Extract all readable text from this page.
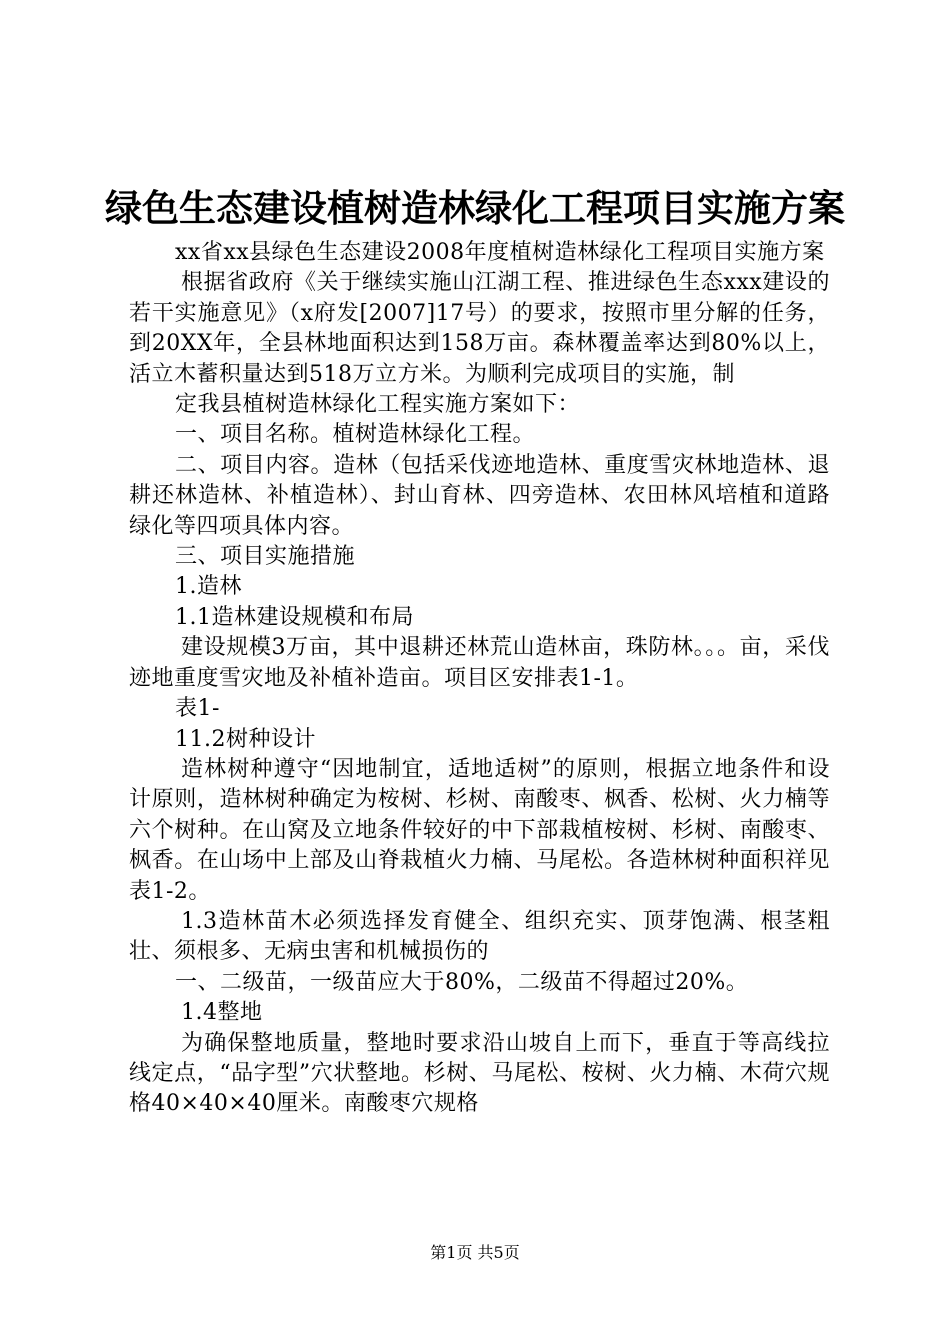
绿色生态建设植树造林绿化工程项目实施方案

xx省xx县绿色生态建设2008年度植树造林绿化工程项目实施方案

根据省政府《关于继续实施山江湖工程、推进绿色生态xxx建设的若干实施意见》（x府发[2007]17号）的要求，按照市里分解的任务，到20XX年，全县林地面积达到158万亩。森林覆盖率达到80%以上，活立木蓄积量达到518万立方米。为顺利完成项目的实施，制

定我县植树造林绿化工程实施方案如下：

一、项目名称。植树造林绿化工程。

二、项目内容。造林（包括采伐迹地造林、重度雪灾林地造林、退耕还林造林、补植造林）、封山育林、四旁造林、农田林风培植和道路绿化等四项具体内容。

三、项目实施措施

1.造林

1.1造林建设规模和布局

建设规模3万亩，其中退耕还林荒山造林亩，珠防林。。。亩，采伐迹地重度雪灾地及补植补造亩。项目区安排表1-1。

表1-

11.2树种设计

造林树种遵守“因地制宜，适地适树”的原则，根据立地条件和设计原则，造林树种确定为桉树、杉树、南酸枣、枫香、松树、火力楠等六个树种。在山窝及立地条件较好的中下部栽植桉树、杉树、南酸枣、枫香。在山场中上部及山脊栽植火力楠、马尾松。各造林树种面积祥见表1-2。

1.3造林苗木必须选择发育健全、组织充实、顶芽饱满、根茎粗壮、须根多、无病虫害和机械损伤的

一、二级苗，一级苗应大于80%，二级苗不得超过20%。

1.4整地

为确保整地质量，整地时要求沿山坡自上而下，垂直于等高线拉线定点，“品字型”穴状整地。杉树、马尾松、桉树、火力楠、木荷穴规格40×40×40厘米。南酸枣穴规格

第1页 共5页
